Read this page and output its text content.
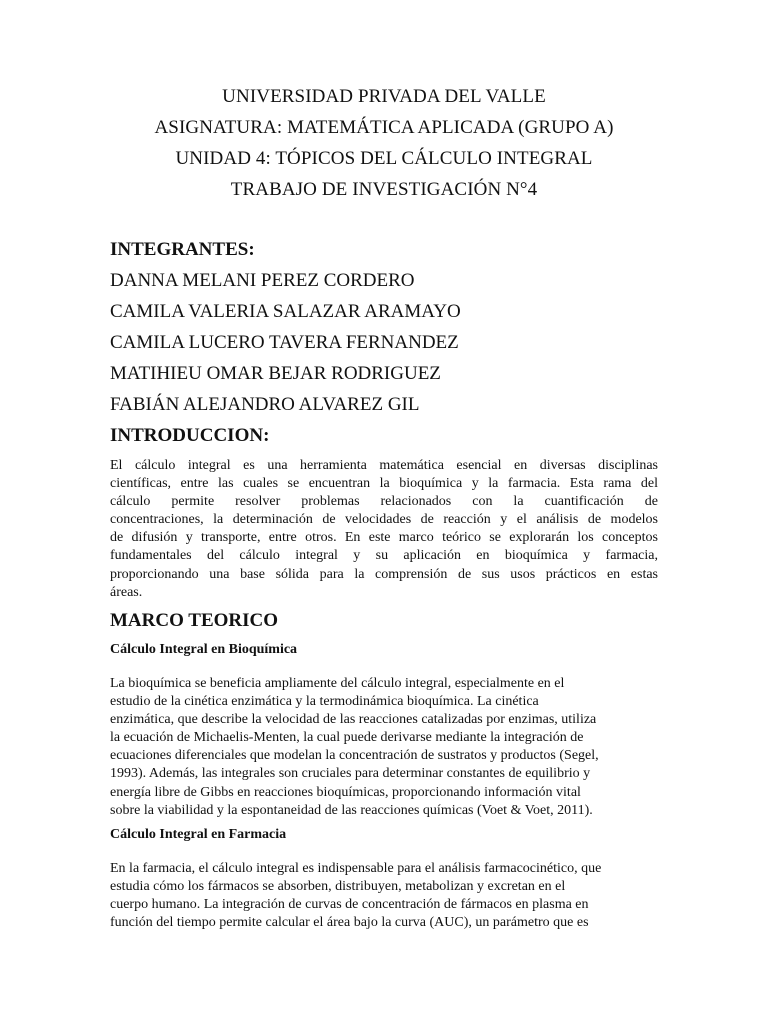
UNIVERSIDAD PRIVADA DEL VALLE
ASIGNATURA: MATEMÁTICA APLICADA (GRUPO A)
UNIDAD 4: TÓPICOS DEL CÁLCULO INTEGRAL
TRABAJO DE INVESTIGACIÓN N°4
INTEGRANTES:
DANNA MELANI PEREZ CORDERO
CAMILA VALERIA SALAZAR ARAMAYO
CAMILA LUCERO TAVERA FERNANDEZ
MATIHIEU OMAR BEJAR RODRIGUEZ
FABIÁN ALEJANDRO ALVAREZ GIL
INTRODUCCION:
El cálculo integral es una herramienta matemática esencial en diversas disciplinas
científicas, entre las cuales se encuentran la bioquímica y la farmacia. Esta rama del
cálculo permite resolver problemas relacionados con la cuantificación de
concentraciones, la determinación de velocidades de reacción y el análisis de modelos
de difusión y transporte, entre otros. En este marco teórico se explorarán los conceptos
fundamentales del cálculo integral y su aplicación en bioquímica y farmacia,
proporcionando una base sólida para la comprensión de sus usos prácticos en estas
áreas.
MARCO TEORICO
Cálculo Integral en Bioquímica
La bioquímica se beneficia ampliamente del cálculo integral, especialmente en el
estudio de la cinética enzimática y la termodinámica bioquímica. La cinética
enzimática, que describe la velocidad de las reacciones catalizadas por enzimas, utiliza
la ecuación de Michaelis-Menten, la cual puede derivarse mediante la integración de
ecuaciones diferenciales que modelan la concentración de sustratos y productos (Segel,
1993). Además, las integrales son cruciales para determinar constantes de equilibrio y
energía libre de Gibbs en reacciones bioquímicas, proporcionando información vital
sobre la viabilidad y la espontaneidad de las reacciones químicas (Voet & Voet, 2011).
Cálculo Integral en Farmacia
En la farmacia, el cálculo integral es indispensable para el análisis farmacocinético, que
estudia cómo los fármacos se absorben, distribuyen, metabolizan y excretan en el
cuerpo humano. La integración de curvas de concentración de fármacos en plasma en
función del tiempo permite calcular el área bajo la curva (AUC), un parámetro que es
